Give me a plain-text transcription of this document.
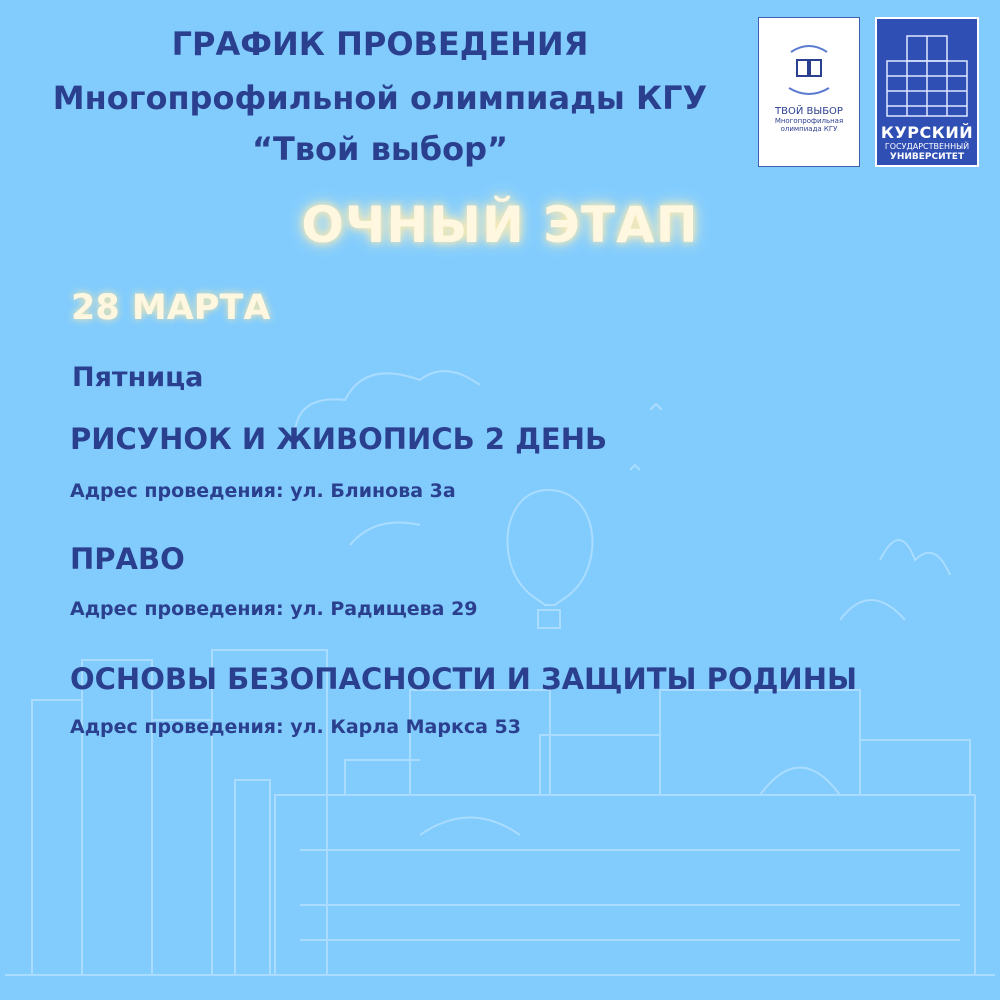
ГРАФИК ПРОВЕДЕНИЯ
Многопрофильной олимпиады КГУ
“Твой выбор”
ТВОЙ ВЫБОР
Многопрофильная
олимпиада КГУ	КУРСКИЙ
ГОСУДАРСТВЕННЫЙ
УНИВЕРСИТЕТ
ОЧНЫЙ ЭТАП
28 МАРТА
Пятница
РИСУНОК И ЖИВОПИСЬ 2 ДЕНЬ
Адрес проведения: ул. Блинова 3а
ПРАВО
Адрес проведения: ул. Радищева 29
ОСНОВЫ БЕЗОПАСНОСТИ И ЗАЩИТЫ РОДИНЫ
Адрес проведения: ул. Карла Маркса 53
